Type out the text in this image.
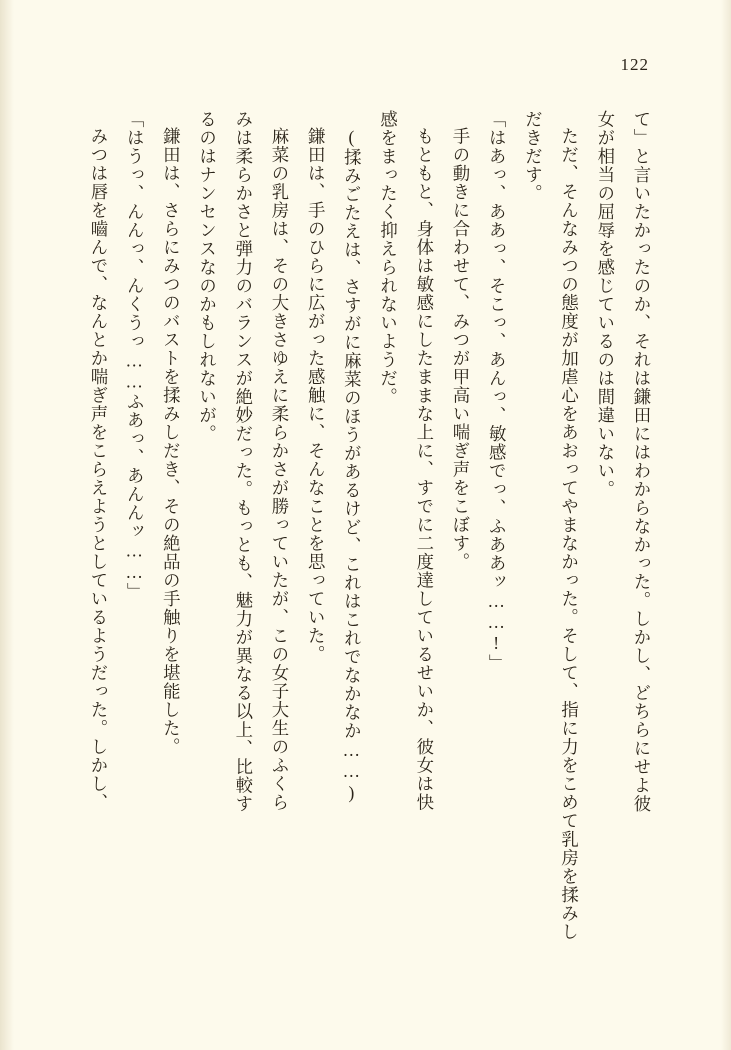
122

て」と言いたかったのか、それは鎌田にはわからなかった。しかし、どちらにせよ彼

女が相当の屈辱を感じているのは間違いない。

ただ、そんなみつの態度が加虐心をあおってやまなかった。そして、指に力をこめて乳房を揉みし

だきだす。

「はあっ、ああっ、そこっ、あんっ、敏感でっ、ふああッ……!」

手の動きに合わせて、みつが甲高い喘ぎ声をこぼす。

もともと、身体は敏感にしたままな上に、すでに二度達しているせいか、彼女は快

感をまったく抑えられないようだ。

(揉みごたえは、さすがに麻菜のほうがあるけど、これはこれでなかなか……)

鎌田は、手のひらに広がった感触に、そんなことを思っていた。

麻菜の乳房は、その大きさゆえに柔らかさが勝っていたが、この女子大生のふくら

みは柔らかさと弾力のバランスが絶妙だった。もっとも、魅力が異なる以上、比較す

るのはナンセンスなのかもしれないが。

鎌田は、さらにみつのバストを揉みしだき、その絶品の手触りを堪能した。

「はうっ、んんっ、んくうっ……ふあっ、あんんッ……」

みつは唇を嚙んで、なんとか喘ぎ声をこらえようとしているようだった。しかし、
